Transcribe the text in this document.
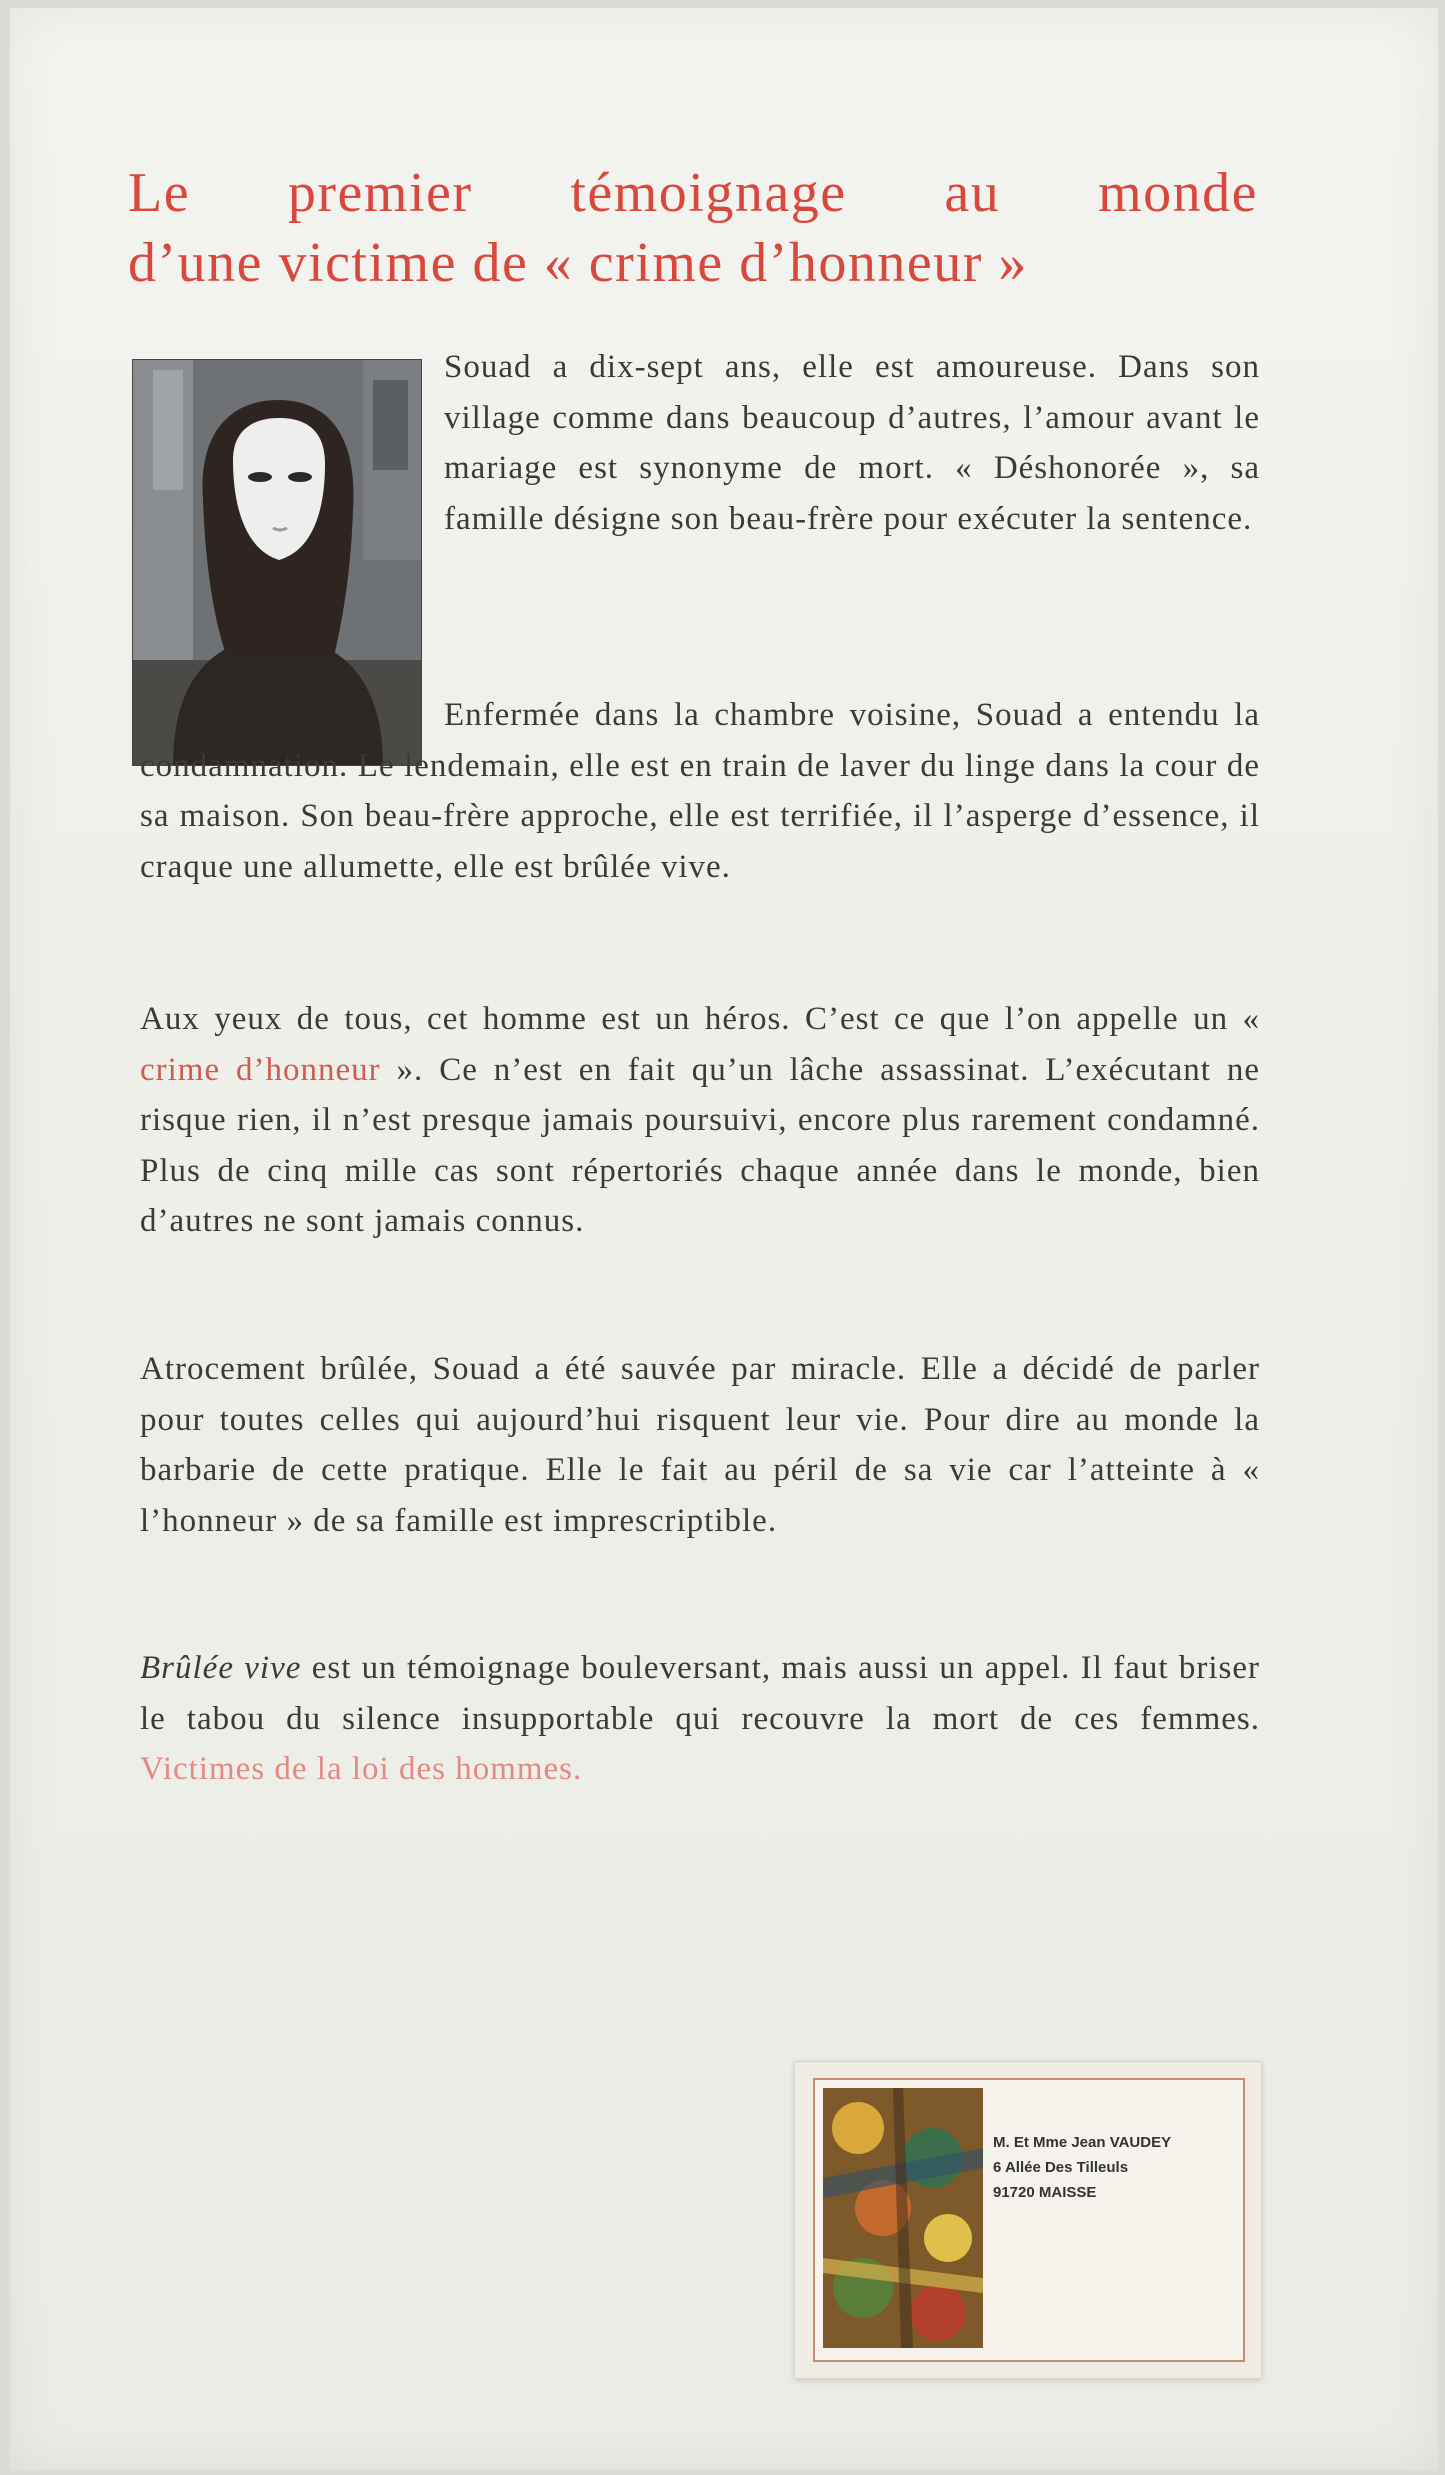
Le premier témoignage au monde
d’une victime de « crime d’honneur »

Souad a dix-sept ans, elle est amoureuse. Dans son village comme dans beaucoup d’autres, l’amour avant le mariage est synonyme de mort. « Déshonorée », sa famille désigne son beau-frère pour exécuter la sentence.

Enfermée dans la chambre voisine, Souad a entendu la condamnation. Le lendemain, elle est en train de laver du linge dans la cour de sa maison. Son beau-frère approche, elle est terrifiée, il l’asperge d’essence, il craque une allumette, elle est brûlée vive.

Aux yeux de tous, cet homme est un héros. C’est ce que l’on appelle un « crime d’honneur ». Ce n’est en fait qu’un lâche assassinat. L’exécutant ne risque rien, il n’est presque jamais poursuivi, encore plus rarement condamné. Plus de cinq mille cas sont répertoriés chaque année dans le monde, bien d’autres ne sont jamais connus.

Atrocement brûlée, Souad a été sauvée par miracle. Elle a décidé de parler pour toutes celles qui aujourd’hui risquent leur vie. Pour dire au monde la barbarie de cette pratique. Elle le fait au péril de sa vie car l’atteinte à « l’honneur » de sa famille est imprescriptible.

Brûlée vive est un témoignage bouleversant, mais aussi un appel. Il faut briser le tabou du silence insupportable qui recouvre la mort de ces femmes. Victimes de la loi des hommes.

M. Et Mme Jean VAUDEY
6 Allée Des Tilleuls
91720 MAISSE
